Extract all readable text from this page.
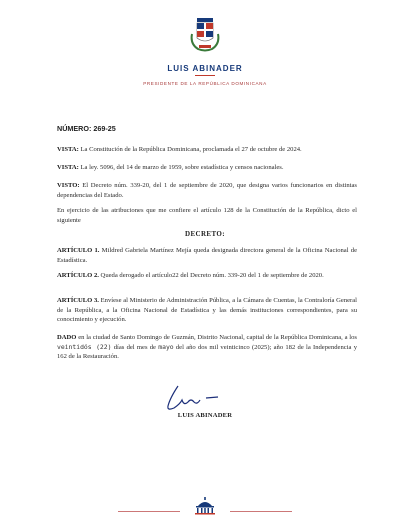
LUIS ABINADER
PRESIDENTE DE LA REPÚBLICA DOMINICANA
NÚMERO: 269-25
VISTA: La Constitución de la República Dominicana, proclamada el 27 de octubre de 2024.
VISTA: La ley. 5096, del 14 de marzo de 1959, sobre estadística y censos nacionales.
VISTO: El Decreto núm. 339-20, del 1 de septiembre de 2020, que designa varios funcionarios en distintas dependencias del Estado.
En ejercicio de las atribuciones que me confiere el artículo 128 de la Constitución de la República, dicto el siguiente
DECRETO:
ARTÍCULO 1. Mildred Gabriela Martínez Mejía queda designada directora general de la Oficina Nacional de Estadística.
ARTÍCULO 2. Queda derogado el artículo22 del Decreto núm. 339-20 del 1 de septiembre de 2020.
ARTÍCULO 3. Envíese al Ministerio de Administración Pública, a la Cámara de Cuentas, la Contraloría General de la República, a la Oficina Nacional de Estadística y las demás instituciones correspondientes, para su conocimiento y ejecución.
DADO en la ciudad de Santo Domingo de Guzmán, Distrito Nacional, capital de la República Dominicana, a los veintidós (22) días del mes de mayo del año dos mil veinticinco (2025); año 182 de la Independencia y 162 de la Restauración.
LUIS ABINADER
